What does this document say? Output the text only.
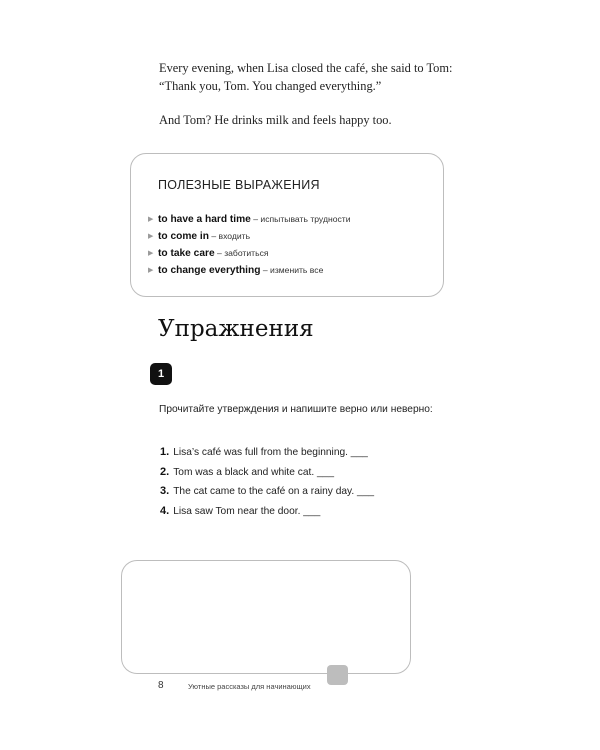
Every evening, when Lisa closed the café, she said to Tom: “Thank you, Tom. You changed everything.”

And Tom? He drinks milk and feels happy too.

ПОЛЕЗНЫЕ ВЫРАЖЕНИЯ
▶ to have a hard time – испытывать трудности
▶ to come in – входить
▶ to take care – заботиться
▶ to change everything – изменить все
Упражнения
1
Прочитайте утверждения и напишите верно или неверно:
1. Lisa’s café was full from the beginning. ___
2. Tom was a black and white cat. ___
3. The cat came to the café on a rainy day. ___
4. Lisa saw Tom near the door. ___
8	Уютные рассказы для начинающих
